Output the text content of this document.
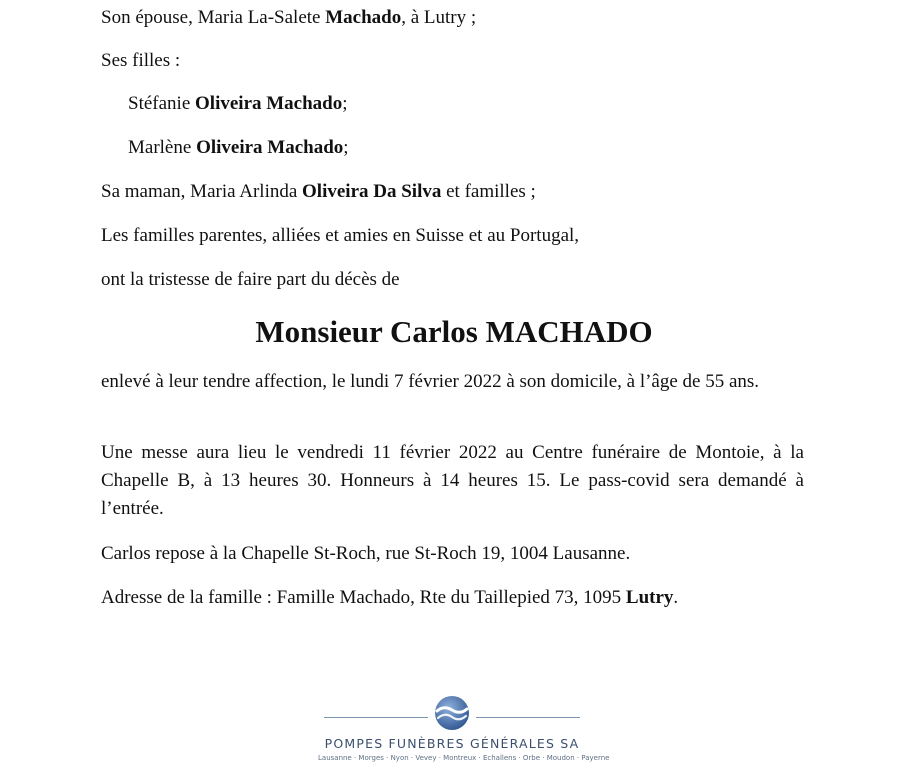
Son épouse, Maria La-Salete Machado, à Lutry ;

Ses filles :

Stéfanie Oliveira Machado;

Marlène Oliveira Machado;

Sa maman, Maria Arlinda Oliveira Da Silva et familles ;

Les familles parentes, alliées et amies en Suisse et au Portugal,

ont la tristesse de faire part du décès de

Monsieur Carlos MACHADO

enlevé à leur tendre affection, le lundi 7 février 2022 à son domicile, à l’âge de 55 ans.

Une messe aura lieu le vendredi 11 février 2022 au Centre funéraire de Montoie, à la Chapelle B, à 13 heures 30. Honneurs à 14 heures 15. Le pass-covid sera demandé à l’entrée.

Carlos repose à la Chapelle St-Roch, rue St-Roch 19, 1004 Lausanne.

Adresse de la famille : Famille Machado, Rte du Taillepied 73, 1095 Lutry.

POMPES FUNÈBRES GÉNÉRALES SA
Lausanne · Morges · Nyon · Vevey · Montreux · Echallens · Orbe · Moudon · Payerne
